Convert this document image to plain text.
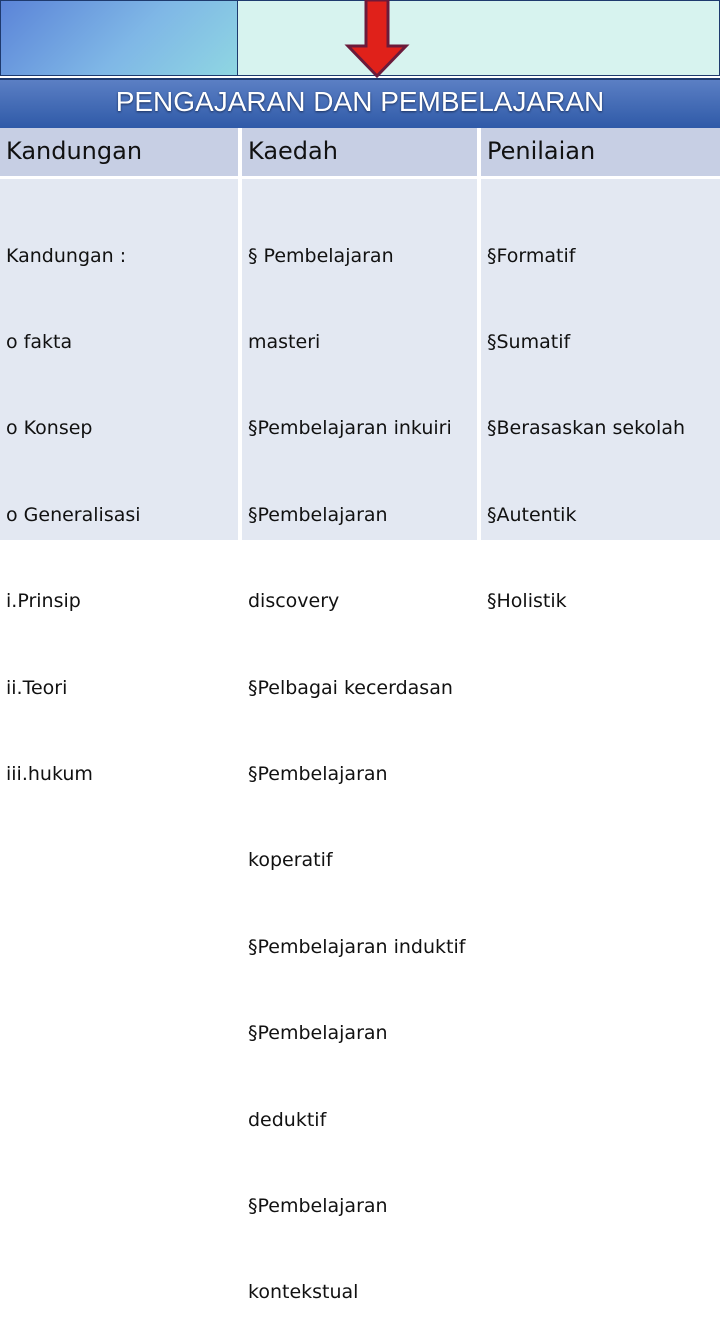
PENGAJARAN DAN PEMBELAJARAN
Kandungan	Kaedah	Penilaian

Kandungan :

o fakta

o Konsep

o Generalisasi

i.Prinsip

ii.Teori

iii.hukum

§ Pembelajaran

masteri

§Pembelajaran inkuiri

§Pembelajaran

discovery

§Pelbagai kecerdasan

§Pembelajaran

koperatif

§Pembelajaran induktif

§Pembelajaran

deduktif

§Pembelajaran

kontekstual

§Formatif

§Sumatif

§Berasaskan sekolah

§Autentik

§Holistik
